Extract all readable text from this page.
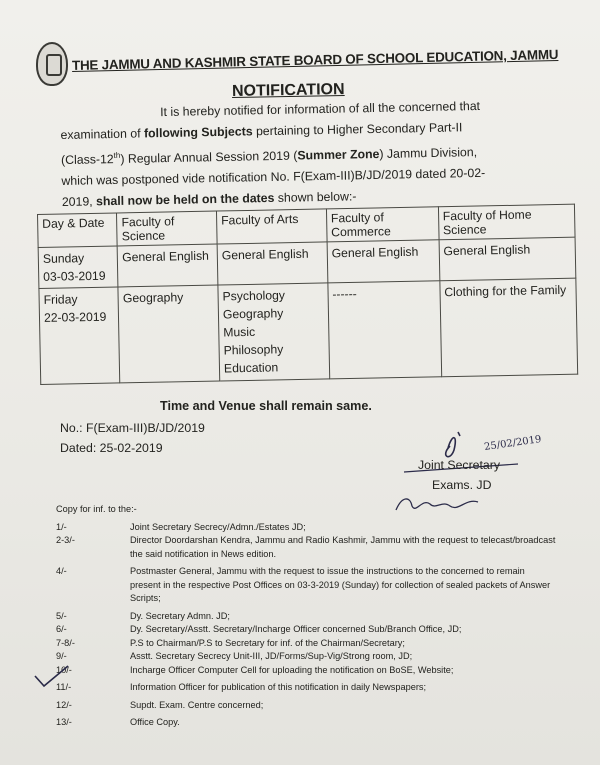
THE JAMMU AND KASHMIR STATE BOARD OF SCHOOL EDUCATION, JAMMU
NOTIFICATION
It is hereby notified for information of all the concerned that
examination of following Subjects pertaining to Higher Secondary Part-II
(Class-12th) Regular Annual Session 2019 (Summer Zone) Jammu Division,
which was postponed vide notification No. F(Exam-III)B/JD/2019 dated 20-02-
2019, shall now be held on the dates shown below:-
Day & Date	Faculty of Science	Faculty of Arts	Faculty of Commerce	Faculty of Home Science

Sunday
03-03-2019	General English	General English	General English	General English

Friday
22-03-2019	Geography	Psychology
Geography
Music
Philosophy
Education	------	Clothing for the Family
Time and Venue shall remain same.
No.: F(Exam-III)B/JD/2019
Dated: 25-02-2019	25/02/2019
Joint Secretary
Exams. JD
Copy for inf. to the:-
1/-	Joint Secretary Secrecy/Admn./Estates JD;
2-3/-	Director Doordarshan Kendra, Jammu and Radio Kashmir, Jammu with the request to telecast/broadcast the said notification in News edition.
4/-	Postmaster General, Jammu with the request to issue the instructions to the concerned to remain present in the respective Post Offices on 03-3-2019 (Sunday) for collection of sealed packets of Answer Scripts;
5/-	Dy. Secretary Admn. JD;
6/-	Dy. Secretary/Asstt. Secretary/Incharge Officer concerned Sub/Branch Office, JD;
7-8/-	P.S to Chairman/P.S to Secretary for inf. of the Chairman/Secretary;
9/-	Asstt. Secretary Secrecy Unit-III, JD/Forms/Sup-Vig/Strong room, JD;
10/-	Incharge Officer Computer Cell for uploading the notification on BoSE, Website;
11/-	Information Officer for publication of this notification in daily Newspapers;
12/-	Supdt. Exam. Centre concerned;
13/-	Office Copy.
